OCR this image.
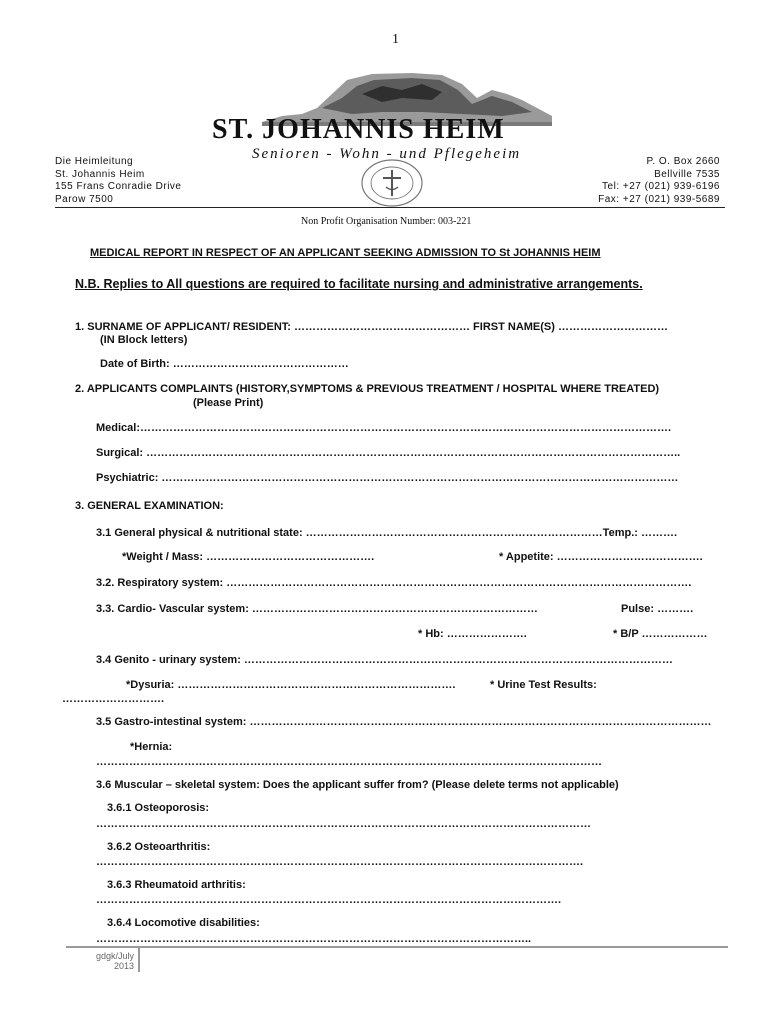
1
ST. JOHANNIS HEIM
Senioren - Wohn - und Pflegeheim
Die Heimleitung
St. Johannis Heim
155 Frans Conradie Drive
Parow 7500
P. O. Box 2660
Bellville 7535
Tel: +27 (021) 939-6196
Fax: +27 (021) 939-5689
Non Profit Organisation Number: 003-221
MEDICAL REPORT IN RESPECT OF AN APPLICANT SEEKING ADMISSION TO St JOHANNIS HEIM
N.B. Replies to All questions are required to facilitate nursing and administrative arrangements.
1. SURNAME OF APPLICANT/ RESIDENT: ………………………………………… FIRST NAME(S) …………………………
(IN Block letters)
Date of Birth: …………………………………………
2. APPLICANTS COMPLAINTS (HISTORY,SYMPTOMS & PREVIOUS TREATMENT / HOSPITAL WHERE TREATED)
(Please Print)
Medical:……………………………………………………………………………………………………………………………….
Surgical: ………………………………………………………………………………………………………………………………..
Psychiatric: ……………………………………………………………………………………………………………………………
3. GENERAL EXAMINATION:
3.1 General physical & nutritional state: ………………………………………………………………………Temp.: ……….
*Weight / Mass: ……………………………………….	* Appetite: ………………………………….
3.2. Respiratory system: ……………………………………………………………………………………………………………….
3.3. Cardio- Vascular system: ……………………………………………………………………	Pulse: ……….
* Hb: ………………….	* B/P ………………
3.4 Genito - urinary system: ………………………………………………………………………………………………………
*Dysuria: ………………………………………………………………….	* Urine Test Results:
……………………….
3.5 Gastro-intestinal system: ………………………………………………………………………………………………………………
*Hernia:
…………………………………………………………………………………………………………………………
3.6 Muscular – skeletal system: Does the applicant suffer from? (Please delete terms not applicable)
3.6.1 Osteoporosis:
………………………………………………………………………………………………………………………
3.6.2 Osteoarthritis:
…………………………………………………………………………………………………………………….
3.6.3 Rheumatoid arthritis:
……………………………………………………………………………………………………………….
3.6.4 Locomotive disabilities:
………………………………………………………………………………………………………..
gdgk/July
2013
